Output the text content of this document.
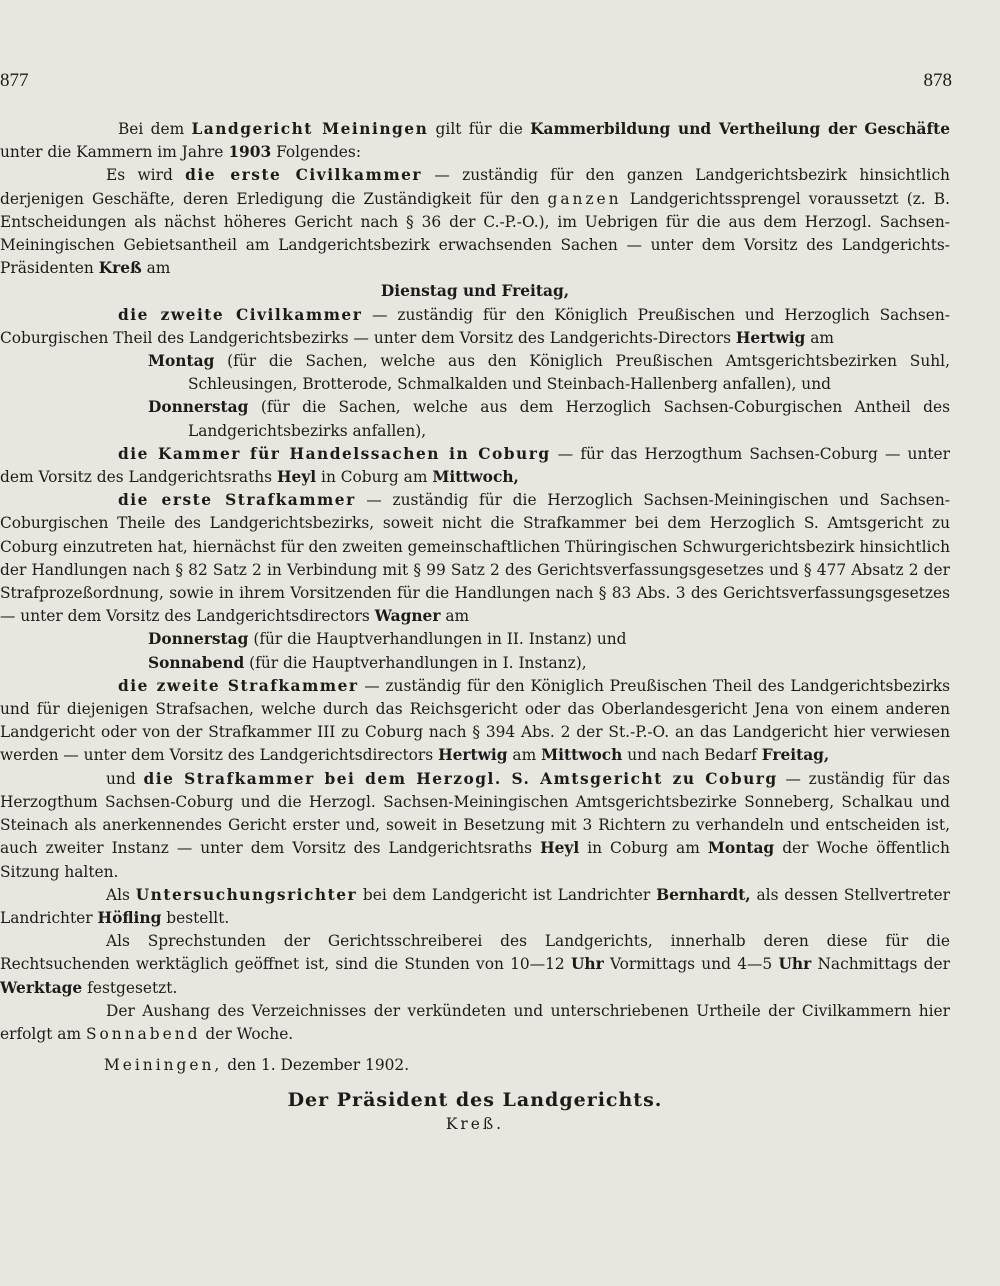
877	878

Bei dem Landgericht Meiningen gilt für die Kammerbildung und Vertheilung der Geschäfte unter die Kammern im Jahre 1903 Folgendes:

Es wird die erste Civilkammer — zuständig für den ganzen Landgerichtsbezirk hinsichtlich derjenigen Geschäfte, deren Erledigung die Zuständigkeit für den ganzen Landgerichtssprengel voraussetzt (z. B. Entscheidungen als nächst höheres Gericht nach § 36 der C.-P.-O.), im Uebrigen für die aus dem Herzogl. Sachsen-Meiningischen Gebietsantheil am Landgerichtsbezirk erwachsenden Sachen — unter dem Vorsitz des Landgerichts-Präsidenten Kreß am

Dienstag und Freitag,

die zweite Civilkammer — zuständig für den Königlich Preußischen und Herzoglich Sachsen-Coburgischen Theil des Landgerichtsbezirks — unter dem Vorsitz des Landgerichts-Directors Hertwig am

Montag (für die Sachen, welche aus den Königlich Preußischen Amtsgerichtsbezirken Suhl, Schleusingen, Brotterode, Schmalkalden und Steinbach-Hallenberg anfallen), und

Donnerstag (für die Sachen, welche aus dem Herzoglich Sachsen-Coburgischen Antheil des Landgerichtsbezirks anfallen),

die Kammer für Handelssachen in Coburg — für das Herzogthum Sachsen-Coburg — unter dem Vorsitz des Landgerichtsraths Heyl in Coburg am Mittwoch,

die erste Strafkammer — zuständig für die Herzoglich Sachsen-Meiningischen und Sachsen-Coburgischen Theile des Landgerichtsbezirks, soweit nicht die Strafkammer bei dem Herzoglich S. Amtsgericht zu Coburg einzutreten hat, hiernächst für den zweiten gemeinschaftlichen Thüringischen Schwurgerichtsbezirk hinsichtlich der Handlungen nach § 82 Satz 2 in Verbindung mit § 99 Satz 2 des Gerichtsverfassungsgesetzes und § 477 Absatz 2 der Strafprozeßordnung, sowie in ihrem Vorsitzenden für die Handlungen nach § 83 Abs. 3 des Gerichtsverfassungsgesetzes — unter dem Vorsitz des Landgerichtsdirectors Wagner am

Donnerstag (für die Hauptverhandlungen in II. Instanz) und

Sonnabend (für die Hauptverhandlungen in I. Instanz),

die zweite Strafkammer — zuständig für den Königlich Preußischen Theil des Landgerichtsbezirks und für diejenigen Strafsachen, welche durch das Reichsgericht oder das Oberlandesgericht Jena von einem anderen Landgericht oder von der Strafkammer III zu Coburg nach § 394 Abs. 2 der St.-P.-O. an das Landgericht hier verwiesen werden — unter dem Vorsitz des Landgerichtsdirectors Hertwig am Mittwoch und nach Bedarf Freitag,

und die Strafkammer bei dem Herzogl. S. Amtsgericht zu Coburg — zuständig für das Herzogthum Sachsen-Coburg und die Herzogl. Sachsen-Meiningischen Amtsgerichtsbezirke Sonneberg, Schalkau und Steinach als anerkennendes Gericht erster und, soweit in Besetzung mit 3 Richtern zu verhandeln und entscheiden ist, auch zweiter Instanz — unter dem Vorsitz des Landgerichtsraths Heyl in Coburg am Montag der Woche öffentlich Sitzung halten.

Als Untersuchungsrichter bei dem Landgericht ist Landrichter Bernhardt, als dessen Stellvertreter Landrichter Höfling bestellt.

Als Sprechstunden der Gerichtsschreiberei des Landgerichts, innerhalb deren diese für die Rechtsuchenden werktäglich geöffnet ist, sind die Stunden von 10—12 Uhr Vormittags und 4—5 Uhr Nachmittags der Werktage festgesetzt.

Der Aushang des Verzeichnisses der verkündeten und unterschriebenen Urtheile der Civilkammern hier erfolgt am Sonnabend der Woche.

Meiningen, den 1. Dezember 1902.

Der Präsident des Landgerichts.

Kreß.
